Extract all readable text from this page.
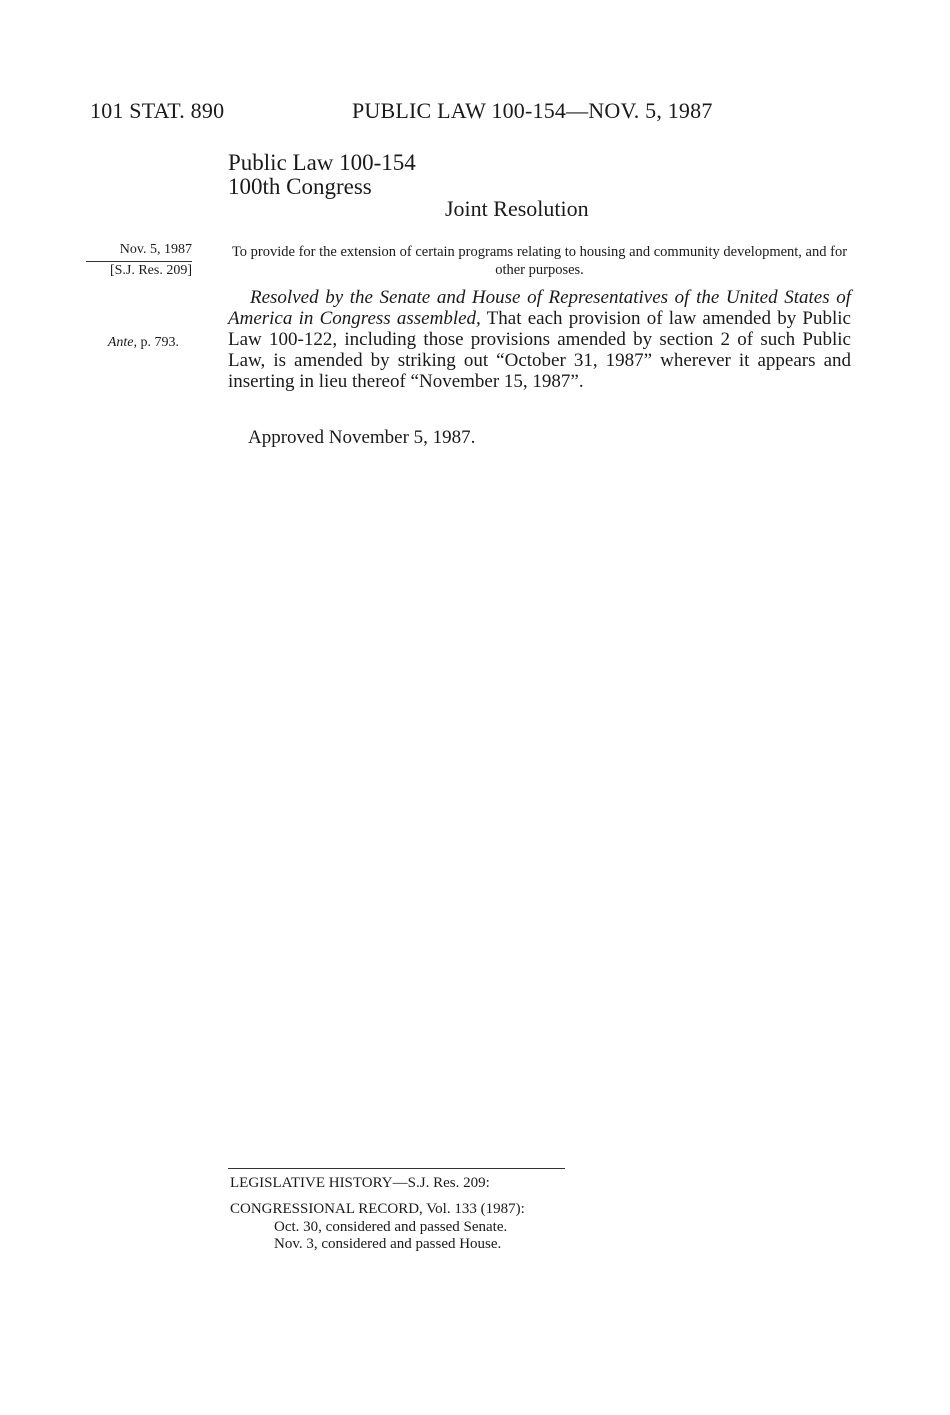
101 STAT. 890	PUBLIC LAW 100-154—NOV. 5, 1987
Public Law 100-154
100th Congress
Joint Resolution
Nov. 5, 1987
[S.J. Res. 209]
To provide for the extension of certain programs relating to housing and community development, and for other purposes.

Resolved by the Senate and House of Representatives of the United States of America in Congress assembled, That each provision of law amended by Public Law 100-122, including those provisions amended by section 2 of such Public Law, is amended by striking out “October 31, 1987” wherever it appears and inserting in lieu thereof “November 15, 1987”.

Ante, p. 793.
Approved November 5, 1987.
LEGISLATIVE HISTORY—S.J. Res. 209:
CONGRESSIONAL RECORD, Vol. 133 (1987):
Oct. 30, considered and passed Senate.
Nov. 3, considered and passed House.
